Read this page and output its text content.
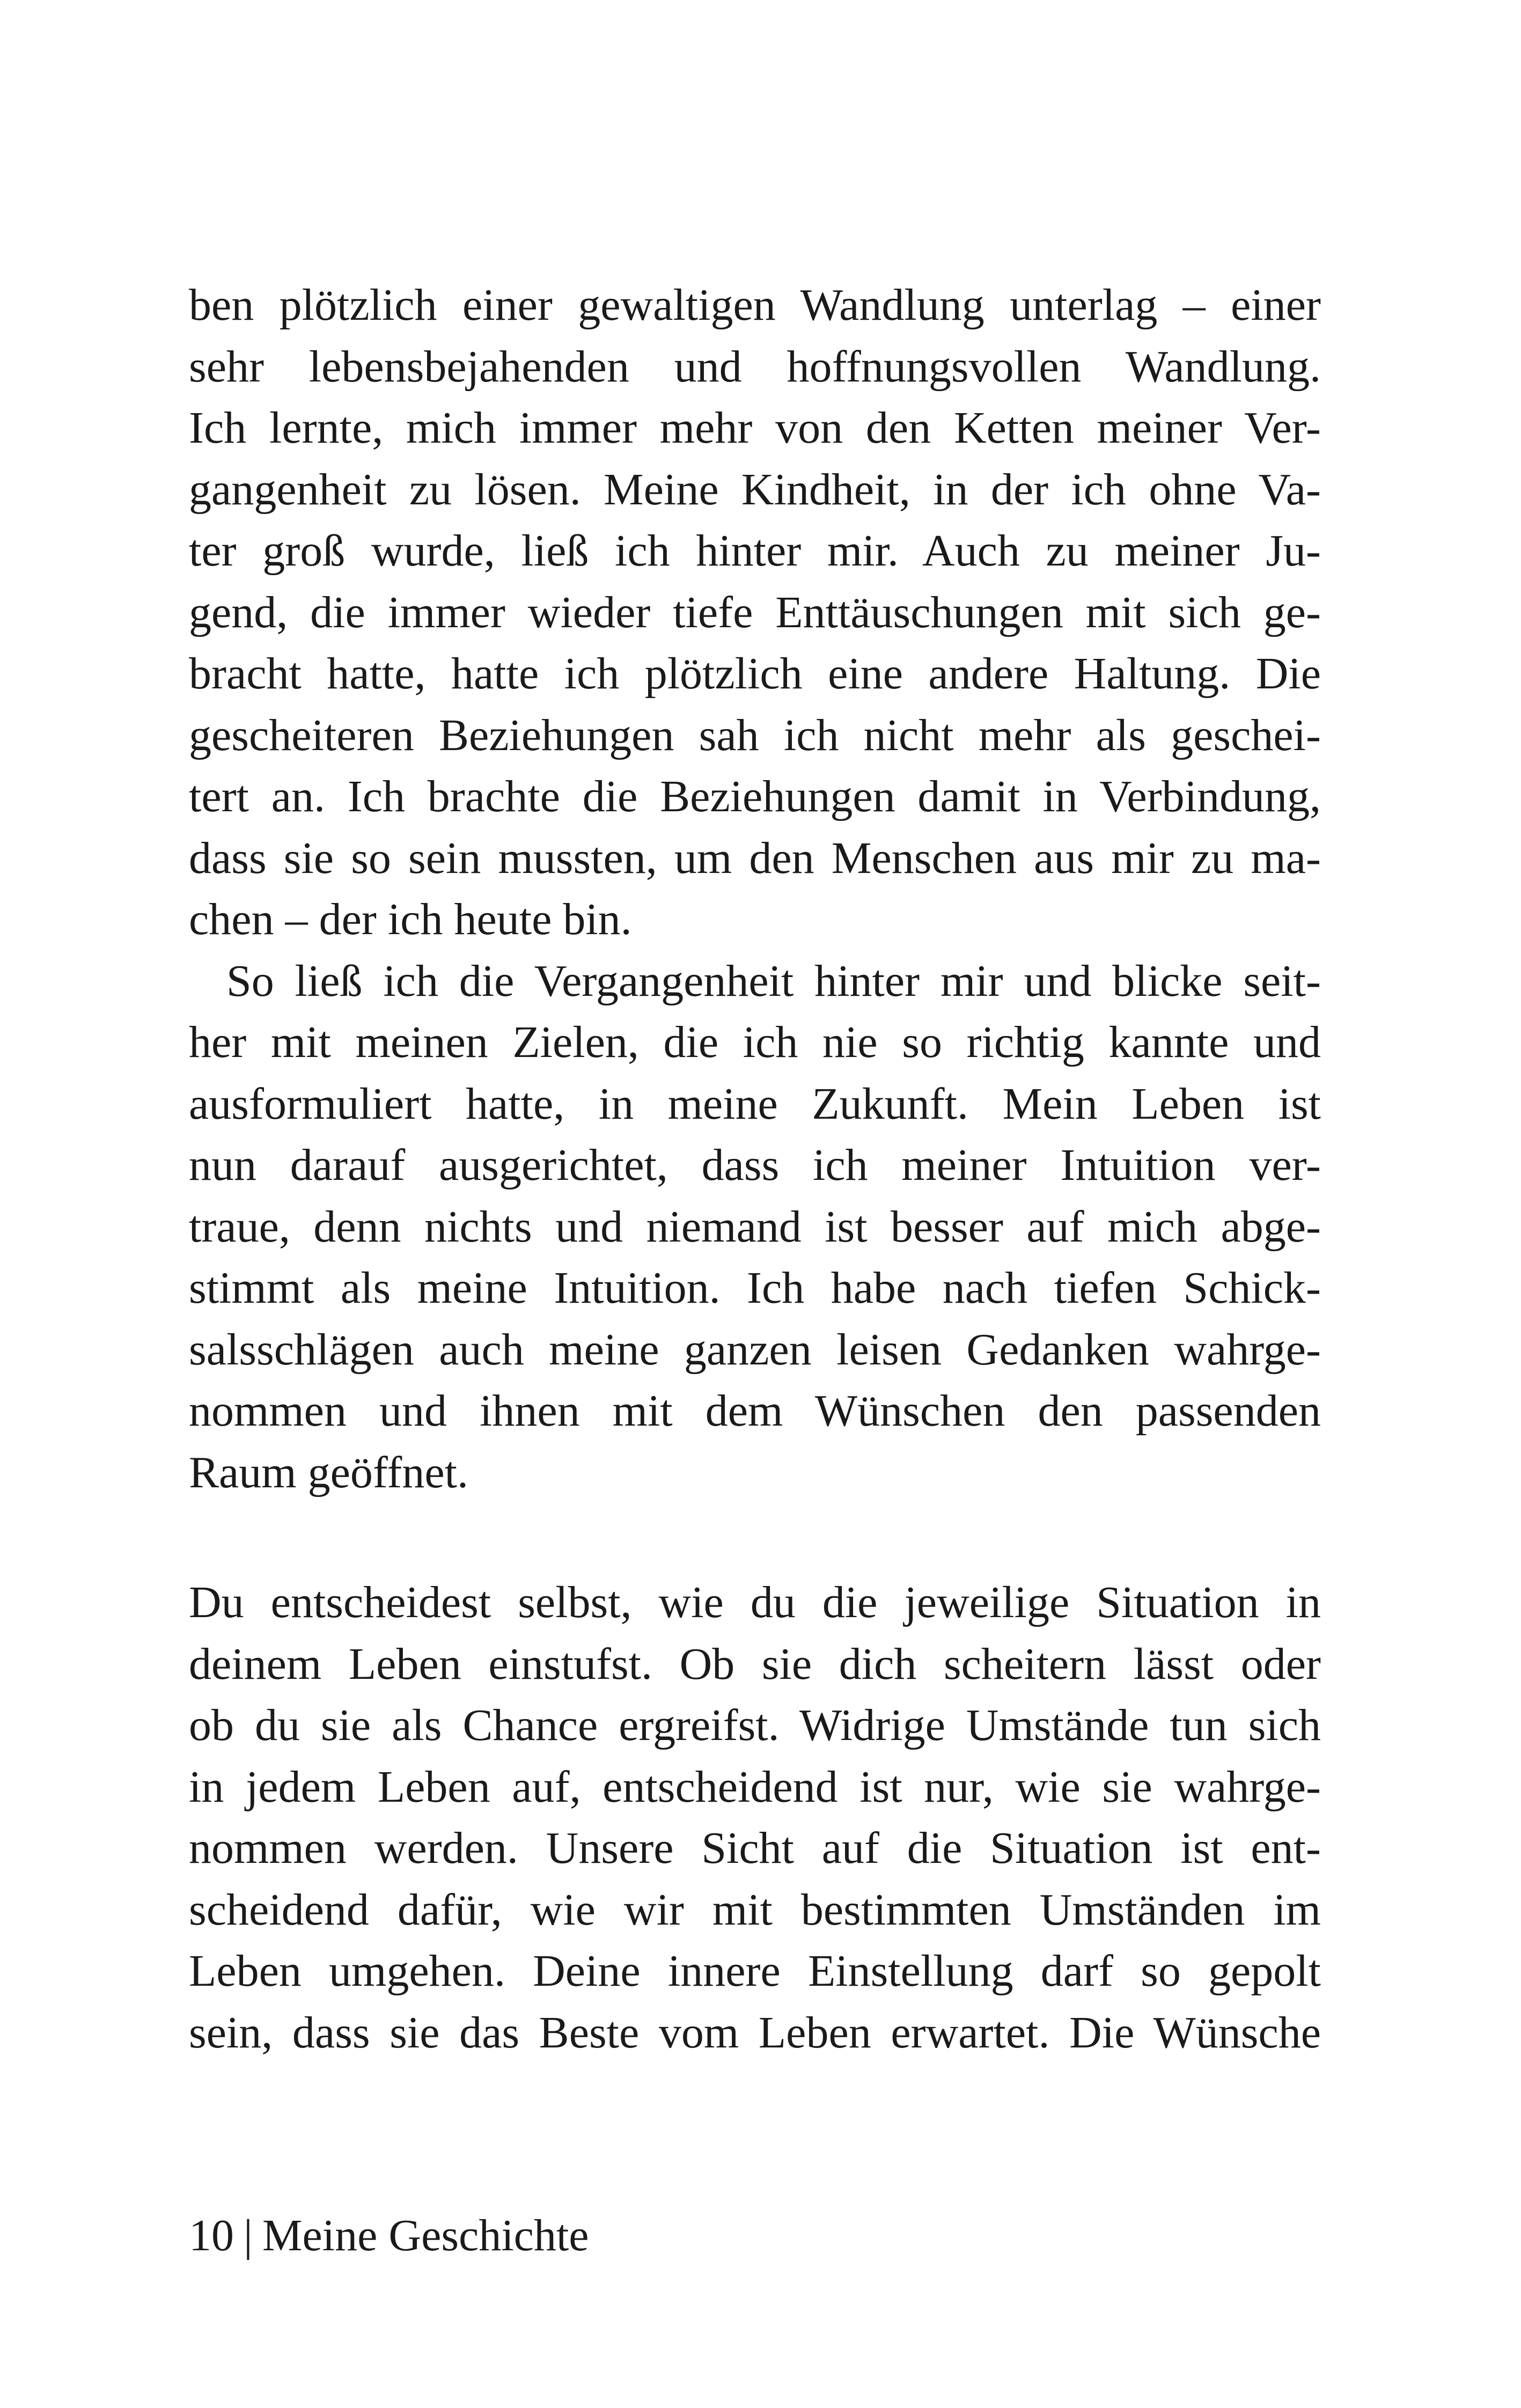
ben plötzlich einer gewaltigen Wandlung unterlag – einer
sehr lebensbejahenden und hoffnungsvollen Wandlung.
Ich lernte, mich immer mehr von den Ketten meiner Ver-
gangenheit zu lösen. Meine Kindheit, in der ich ohne Va-
ter groß wurde, ließ ich hinter mir. Auch zu meiner Ju-
gend, die immer wieder tiefe Enttäuschungen mit sich ge-
bracht hatte, hatte ich plötzlich eine andere Haltung. Die
gescheiteren Beziehungen sah ich nicht mehr als geschei-
tert an. Ich brachte die Beziehungen damit in Verbindung,
dass sie so sein mussten, um den Menschen aus mir zu ma-
chen – der ich heute bin.
So ließ ich die Vergangenheit hinter mir und blicke seit-
her mit meinen Zielen, die ich nie so richtig kannte und
ausformuliert hatte, in meine Zukunft. Mein Leben ist
nun darauf ausgerichtet, dass ich meiner Intuition ver-
traue, denn nichts und niemand ist besser auf mich abge-
stimmt als meine Intuition. Ich habe nach tiefen Schick-
salsschlägen auch meine ganzen leisen Gedanken wahrge-
nommen und ihnen mit dem Wünschen den passenden
Raum geöffnet.
Du entscheidest selbst, wie du die jeweilige Situation in
deinem Leben einstufst. Ob sie dich scheitern lässt oder
ob du sie als Chance ergreifst. Widrige Umstände tun sich
in jedem Leben auf, entscheidend ist nur, wie sie wahrge-
nommen werden. Unsere Sicht auf die Situation ist ent-
scheidend dafür, wie wir mit bestimmten Umständen im
Leben umgehen. Deine innere Einstellung darf so gepolt
sein, dass sie das Beste vom Leben erwartet. Die Wünsche
10 | Meine Geschichte
